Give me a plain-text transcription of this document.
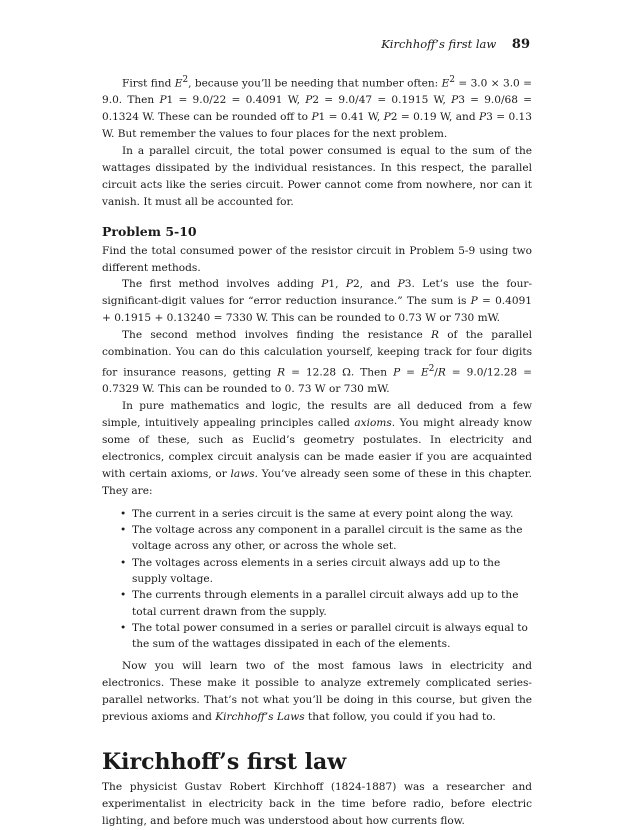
Kirchhoff’s first law 89

First find $E^2$, because you’ll be needing that number often: $E^2 = 3.0 \times 3.0 = 9.0$. Then P1 = 9.0/22 = 0.4091 W, P2 = 9.0/47 = 0.1915 W, P3 = 9.0/68 = 0.1324 W. These can be rounded off to P1 = 0.41 W, P2 = 0.19 W, and P3 = 0.13 W. But remember the values to four places for the next problem.

In a parallel circuit, the total power consumed is equal to the sum of the wattages dissipated by the individual resistances. In this respect, the parallel circuit acts like the series circuit. Power cannot come from nowhere, nor can it vanish. It must all be accounted for.

Problem 5-10

Find the total consumed power of the resistor circuit in Problem 5-9 using two different methods.

The first method involves adding P1, P2, and P3. Let’s use the four-significant-digit values for “error reduction insurance.” The sum is P = 0.4091 + 0.1915 + 0.13240 = 7330 W. This can be rounded to 0.73 W or 730 mW.

The second method involves finding the resistance R of the parallel combination. You can do this calculation yourself, keeping track for four digits for insurance reasons, getting R = 12.28 Ω. Then $P = E^2/R = 9.0/12.28 = 0.7329$ W. This can be rounded to 0. 73 W or 730 mW.

In pure mathematics and logic, the results are all deduced from a few simple, intuitively appealing principles called axioms. You might already know some of these, such as Euclid’s geometry postulates. In electricity and electronics, complex circuit analysis can be made easier if you are acquainted with certain axioms, or laws. You’ve already seen some of these in this chapter. They are:

• The current in a series circuit is the same at every point along the way.
• The voltage across any component in a parallel circuit is the same as the voltage across any other, or across the whole set.
• The voltages across elements in a series circuit always add up to the supply voltage.
• The currents through elements in a parallel circuit always add up to the total current drawn from the supply.
• The total power consumed in a series or parallel circuit is always equal to the sum of the wattages dissipated in each of the elements.

Now you will learn two of the most famous laws in electricity and electronics. These make it possible to analyze extremely complicated series-parallel networks. That’s not what you’ll be doing in this course, but given the previous axioms and Kirchhoff’s Laws that follow, you could if you had to.

Kirchhoff’s first law

The physicist Gustav Robert Kirchhoff (1824-1887) was a researcher and experimentalist in electricity back in the time before radio, before electric lighting, and before much was understood about how currents flow.
